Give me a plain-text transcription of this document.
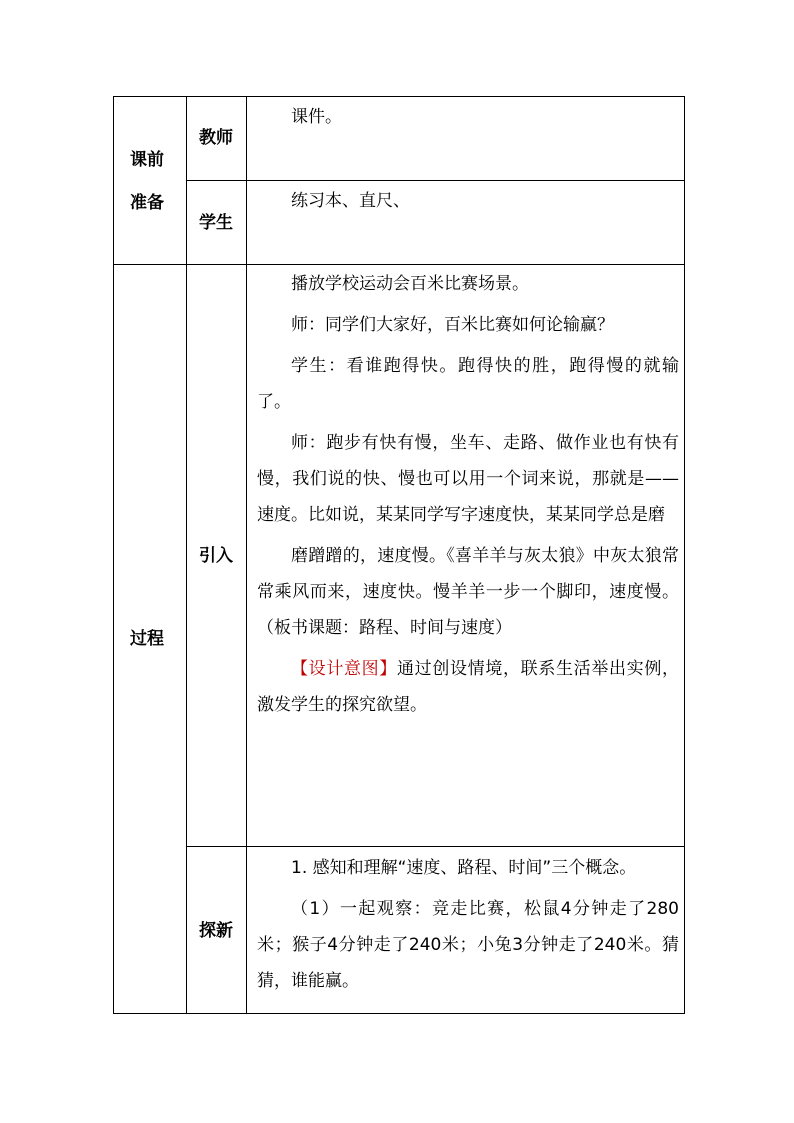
课前
准备
教师

课件。

学生

练习本、直尺、

过程
引入

播放学校运动会百米比赛场景。

师：同学们大家好，百米比赛如何论输赢？

学生：看谁跑得快。跑得快的胜，跑得慢的就输了。

师：跑步有快有慢，坐车、走路、做作业也有快有慢，我们说的快、慢也可以用一个词来说，那就是——速度。比如说，某某同学写字速度快，某某同学总是磨

磨蹭蹭的，速度慢。《喜羊羊与灰太狼》中灰太狼常常乘风而来，速度快。慢羊羊一步一个脚印，速度慢。（板书课题：路程、时间与速度）

【设计意图】通过创设情境，联系生活举出实例，激发学生的探究欲望。

探新

1. 感知和理解“速度、路程、时间”三个概念。

（1）一起观察：竞走比赛，松鼠4分钟走了280米；猴子4分钟走了240米；小兔3分钟走了240米。猜猜，谁能赢。
